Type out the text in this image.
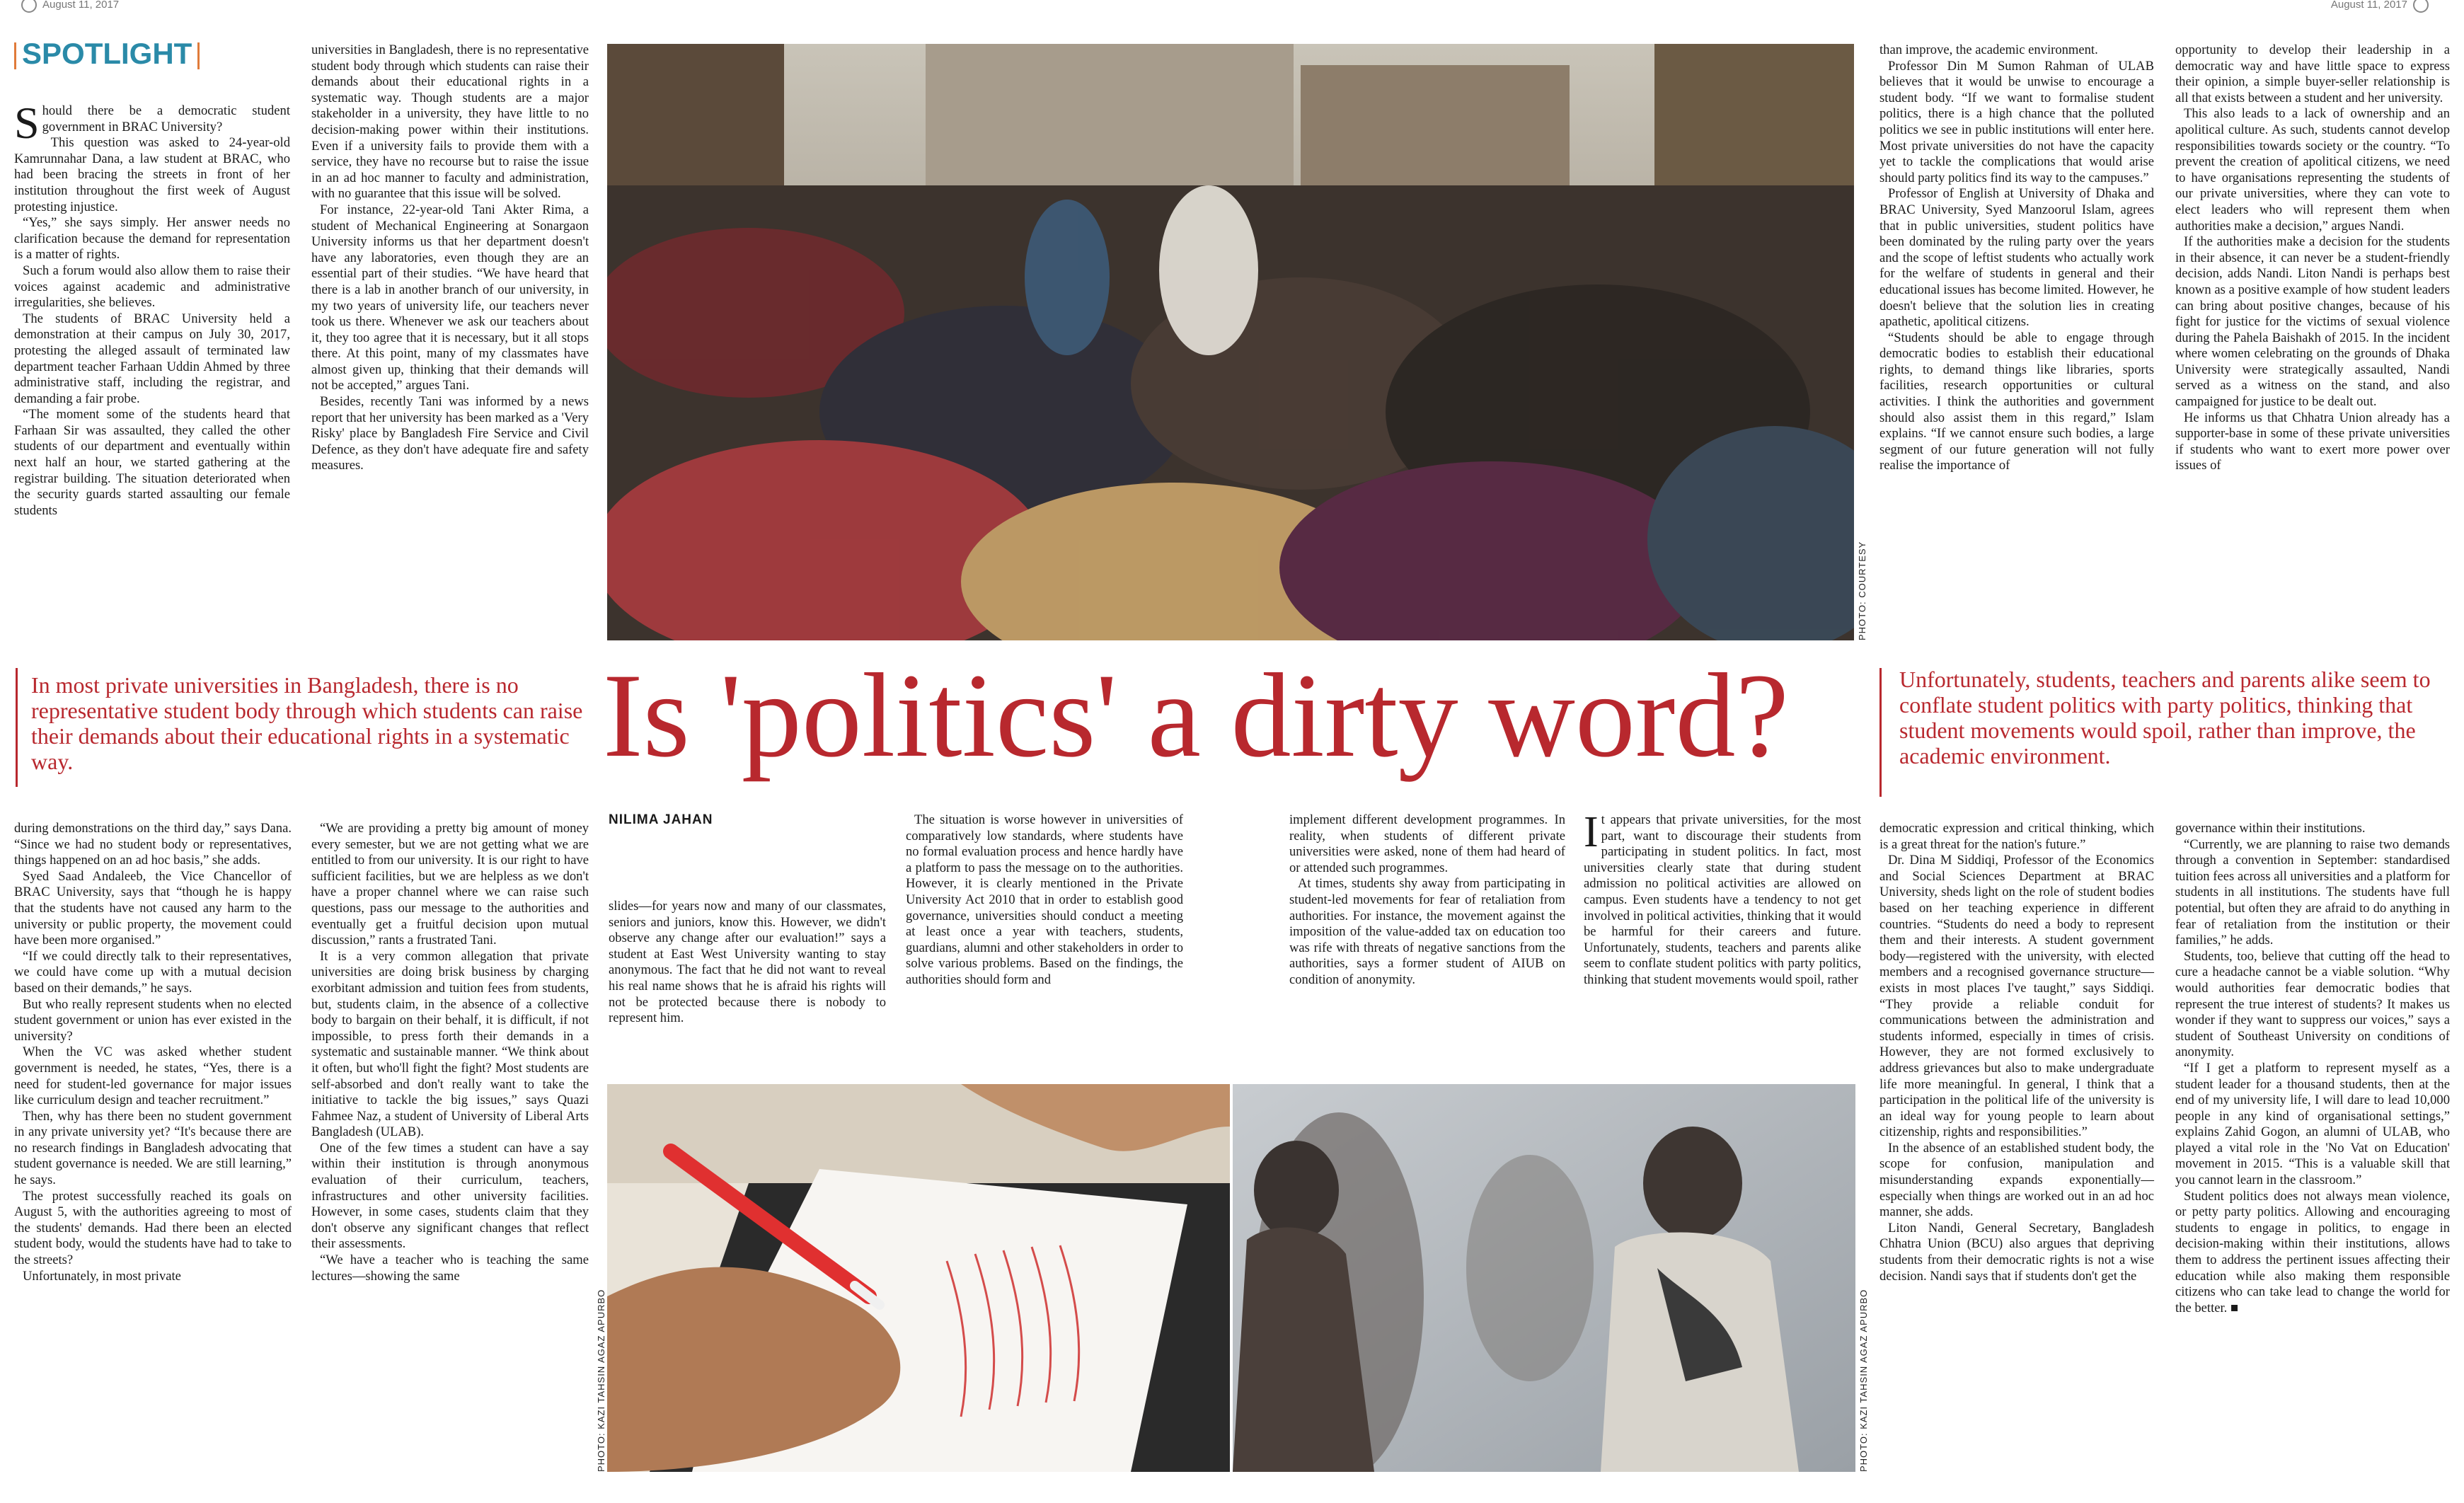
August 11, 2017	August 11, 2017
SPOTLIGHT

Should there be a democratic student government in BRAC University?

This question was asked to 24-year-old Kamrunnahar Dana, a law student at BRAC, who had been bracing the streets in front of her institution throughout the first week of August protesting injustice.

“Yes,” she says simply. Her answer needs no clarification because the demand for representation is a matter of rights.

Such a forum would also allow them to raise their voices against academic and administrative irregularities, she believes.

The students of BRAC University held a demonstration at their campus on July 30, 2017, protesting the alleged assault of terminated law department teacher Farhaan Uddin Ahmed by three administrative staff, including the registrar, and demanding a fair probe.

“The moment some of the students heard that Farhaan Sir was assaulted, they called the other students of our department and eventually within next half an hour, we started gathering at the registrar building. The situation deteriorated when the security guards started assaulting our female students

universities in Bangladesh, there is no representative student body through which students can raise their demands about their educational rights in a systematic way. Though students are a major stakeholder in a university, they have little to no decision-making power within their institutions. Even if a university fails to provide them with a service, they have no recourse but to raise the issue in an ad hoc manner to faculty and administration, with no guarantee that this issue will be solved.

For instance, 22-year-old Tani Akter Rima, a student of Mechanical Engineering at Sonargaon University informs us that her department doesn't have any laboratories, even though they are an essential part of their studies. “We have heard that there is a lab in another branch of our university, in my two years of university life, our teachers never took us there. Whenever we ask our teachers about it, they too agree that it is necessary, but it all stops there. At this point, many of my classmates have almost given up, thinking that their demands will not be accepted,” argues Tani.

Besides, recently Tani was informed by a news report that her university has been marked as a 'Very Risky' place by Bangladesh Fire Service and Civil Defence, as they don't have adequate fire and safety measures.

PHOTO: COURTESY

than improve, the academic environment.

Professor Din M Sumon Rahman of ULAB believes that it would be unwise to encourage a student body. “If we want to formalise student politics, there is a high chance that the polluted politics we see in public institutions will enter here. Most private universities do not have the capacity yet to tackle the complications that would arise should party politics find its way to the campuses.”

Professor of English at University of Dhaka and BRAC University, Syed Manzoorul Islam, agrees that in public universities, student politics have been dominated by the ruling party over the years and the scope of leftist students who actually work for the welfare of students in general and their educational issues has become limited. However, he doesn't believe that the solution lies in creating apathetic, apolitical citizens.

“Students should be able to engage through democratic bodies to establish their educational rights, to demand things like libraries, sports facilities, research opportunities or cultural activities. I think the authorities and government should also assist them in this regard,” Islam explains. “If we cannot ensure such bodies, a large segment of our future generation will not fully realise the importance of

opportunity to develop their leadership in a democratic way and have little space to express their opinion, a simple buyer-seller relationship is all that exists between a student and her university.

This also leads to a lack of ownership and an apolitical culture. As such, students cannot develop responsibilities towards society or the country. “To prevent the creation of apolitical citizens, we need to have organisations representing the students of our private universities, where they can vote to elect leaders who will represent them when authorities make a decision,” argues Nandi.

If the authorities make a decision for the students in their absence, it can never be a student-friendly decision, adds Nandi. Liton Nandi is perhaps best known as a positive example of how student leaders can bring about positive changes, because of his fight for justice for the victims of sexual violence during the Pahela Baishakh of 2015. In the incident where women celebrating on the grounds of Dhaka University were strategically assaulted, Nandi served as a witness on the stand, and also campaigned for justice to be dealt out.

He informs us that Chhatra Union already has a supporter-base in some of these private universities if students who want to exert more power over issues of

In most private universities in Bangladesh, there is no representative student body through which students can raise their demands about their educational rights in a systematic way.	Is 'politics' a dirty word?	Unfortunately, students, teachers and parents alike seem to conflate student politics with party politics, thinking that student movements would spoil, rather than improve, the academic environment.
NILIMA JAHAN

during demonstrations on the third day,” says Dana. “Since we had no student body or representatives, things happened on an ad hoc basis,” she adds.

Syed Saad Andaleeb, the Vice Chancellor of BRAC University, says that “though he is happy that the students have not caused any harm to the university or public property, the movement could have been more organised.”

“If we could directly talk to their representatives, we could have come up with a mutual decision based on their demands,” he says.

But who really represent students when no elected student government or union has ever existed in the university?

When the VC was asked whether student government is needed, he states, “Yes, there is a need for student-led governance for major issues like curriculum design and teacher recruitment.”

Then, why has there been no student government in any private university yet? “It's because there are no research findings in Bangladesh advocating that student governance is needed. We are still learning,” he says.

The protest successfully reached its goals on August 5, with the authorities agreeing to most of the students' demands. Had there been an elected student body, would the students have had to take to the streets?

Unfortunately, in most private

“We are providing a pretty big amount of money every semester, but we are not getting what we are entitled to from our university. It is our right to have sufficient facilities, but we are helpless as we don't have a proper channel where we can raise such questions, pass our message to the authorities and eventually get a fruitful decision upon mutual discussion,” rants a frustrated Tani.

It is a very common allegation that private universities are doing brisk business by charging exorbitant admission and tuition fees from students, but, students claim, in the absence of a collective body to bargain on their behalf, it is difficult, if not impossible, to press forth their demands in a systematic and sustainable manner. “We think about it often, but who'll fight the fight? Most students are self-absorbed and don't really want to take the initiative to tackle the big issues,” says Quazi Fahmee Naz, a student of University of Liberal Arts Bangladesh (ULAB).

One of the few times a student can have a say within their institution is through anonymous evaluation of their curriculum, teachers, infrastructures and other university facilities. However, in some cases, students claim that they don't observe any significant changes that reflect their assessments.

“We have a teacher who is teaching the same lectures—showing the same

slides—for years now and many of our classmates, seniors and juniors, know this. However, we didn't observe any change after our evaluation!” says a student at East West University wanting to stay anonymous. The fact that he did not want to reveal his real name shows that he is afraid his rights will not be protected because there is nobody to represent him.

The situation is worse however in universities of comparatively low standards, where students have no formal evaluation process and hence hardly have a platform to pass the message on to the authorities. However, it is clearly mentioned in the Private University Act 2010 that in order to establish good governance, universities should conduct a meeting at least once a year with teachers, students, guardians, alumni and other stakeholders in order to solve various problems. Based on the findings, the authorities should form and

implement different development programmes. In reality, when students of different private universities were asked, none of them had heard of or attended such programmes.

At times, students shy away from participating in student-led movements for fear of retaliation from authorities. For instance, the movement against the imposition of the value-added tax on education too was rife with threats of negative sanctions from the authorities, says a former student of AIUB on condition of anonymity.

It appears that private universities, for the most part, want to discourage their students from participating in student politics. In fact, most universities clearly state that during student admission no political activities are allowed on campus. Even students have a tendency to not get involved in political activities, thinking that it would be harmful for their careers and future. Unfortunately, students, teachers and parents alike seem to conflate student politics with party politics, thinking that student movements would spoil, rather

democratic expression and critical thinking, which is a great threat for the nation's future.”

Dr. Dina M Siddiqi, Professor of the Economics and Social Sciences Department at BRAC University, sheds light on the role of student bodies based on her teaching experience in different countries. “Students do need a body to represent them and their interests. A student government body—registered with the university, with elected members and a recognised governance structure—exists in most places I've taught,” says Siddiqi. “They provide a reliable conduit for communications between the administration and students informed, especially in times of crisis. However, they are not formed exclusively to address grievances but also to make undergraduate life more meaningful. In general, I think that a participation in the political life of the university is an ideal way for young people to learn about citizenship, rights and responsibilities.”

In the absence of an established student body, the scope for confusion, manipulation and misunderstanding expands exponentially—especially when things are worked out in an ad hoc manner, she adds.

Liton Nandi, General Secretary, Bangladesh Chhatra Union (BCU) also argues that depriving students from their democratic rights is not a wise decision. Nandi says that if students don't get the

governance within their institutions.

“Currently, we are planning to raise two demands through a convention in September: standardised tuition fees across all universities and a platform for students in all institutions. The students have full potential, but often they are afraid to do anything in fear of retaliation from the institution or their families,” he adds.

Students, too, believe that cutting off the head to cure a headache cannot be a viable solution. “Why would authorities fear democratic bodies that represent the true interest of students? It makes us wonder if they want to suppress our voices,” says a student of Southeast University on conditions of anonymity.

“If I get a platform to represent myself as a student leader for a thousand students, then at the end of my university life, I will dare to lead 10,000 people in any kind of organisational settings,” explains Zahid Gogon, an alumni of ULAB, who played a vital role in the 'No Vat on Education' movement in 2015. “This is a valuable skill that you cannot learn in the classroom.”

Student politics does not always mean violence, or petty party politics. Allowing and encouraging students to engage in politics, to engage in decision-making within their institutions, allows them to address the pertinent issues affecting their education while also making them responsible citizens who can take lead to change the world for the better. ■

PHOTO: KAZI TAHSIN AGAZ APURBO	PHOTO: KAZI TAHSIN AGAZ APURBO
